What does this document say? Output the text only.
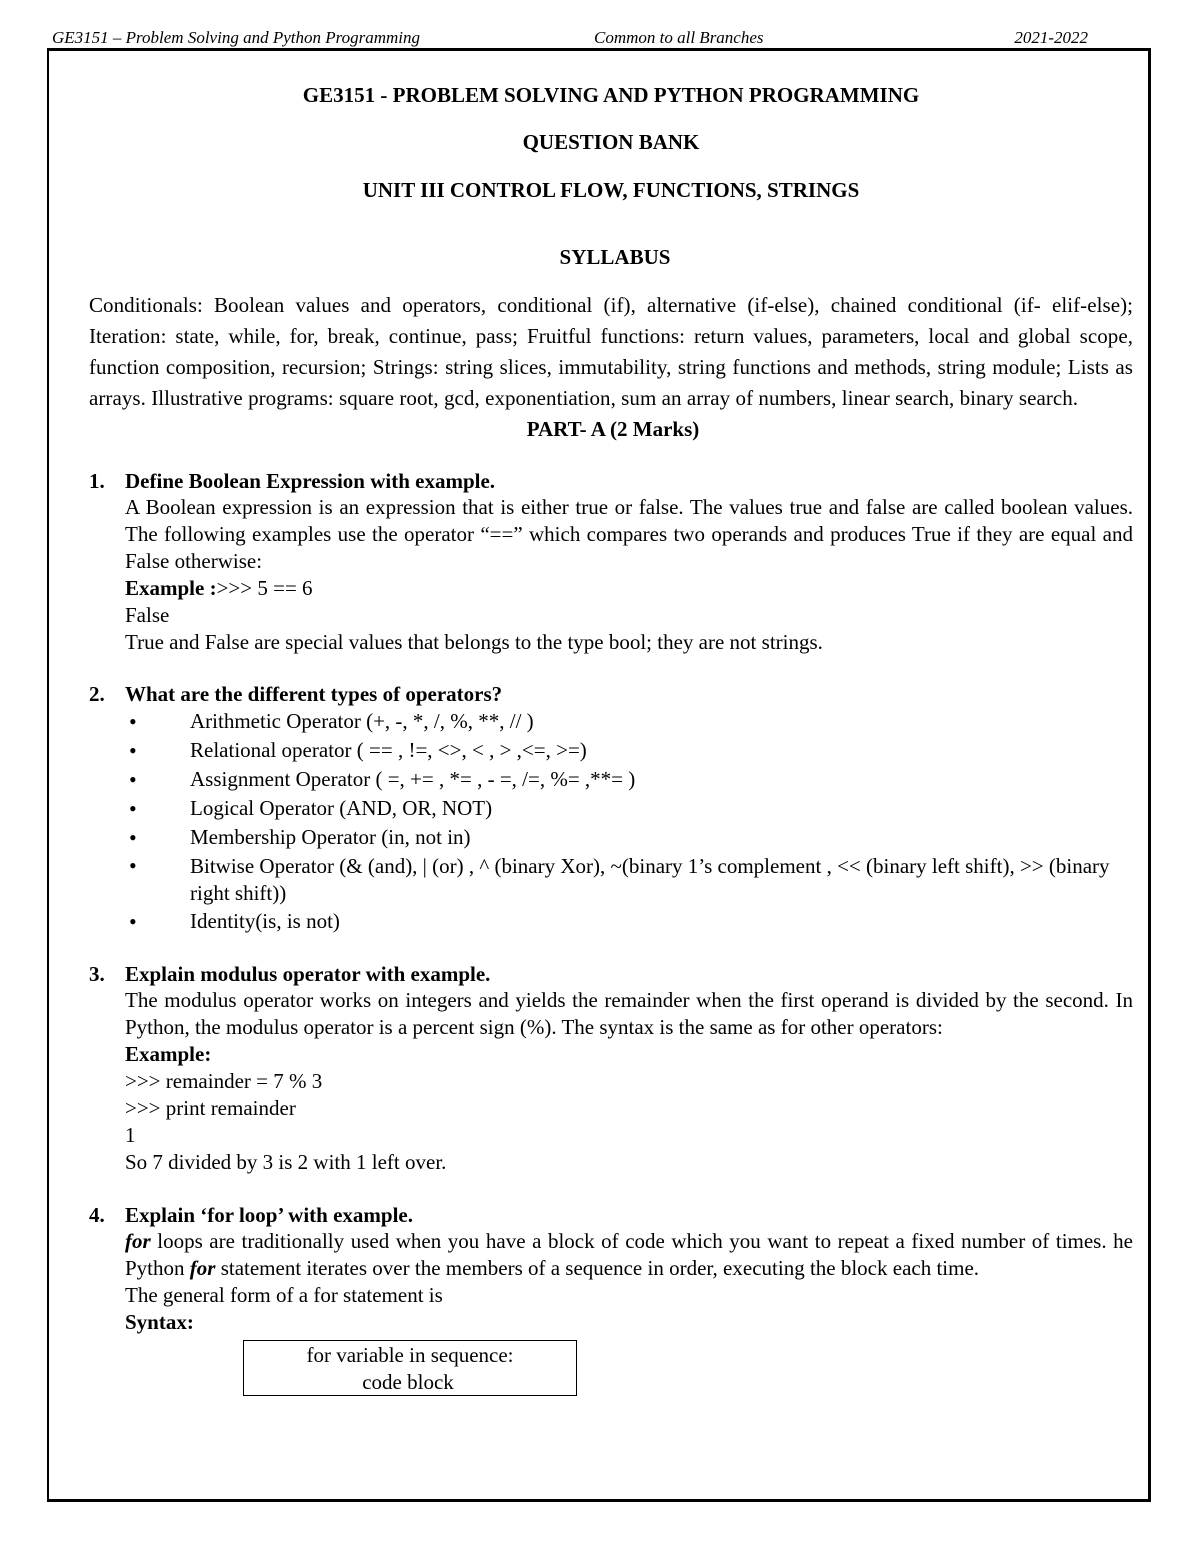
GE3151 – Problem Solving and Python Programming	Common to all Branches	2021-2022
GE3151 - PROBLEM SOLVING AND PYTHON PROGRAMMING
QUESTION BANK
UNIT III CONTROL FLOW, FUNCTIONS, STRINGS
SYLLABUS
Conditionals: Boolean values and operators, conditional (if), alternative (if-else), chained conditional (if- elif-else); Iteration: state, while, for, break, continue, pass; Fruitful functions: return values, parameters, local and global scope, function composition, recursion; Strings: string slices, immutability, string functions and methods, string module; Lists as arrays. Illustrative programs: square root, gcd, exponentiation, sum an array of numbers, linear search, binary search.
PART- A (2 Marks)
1. Define Boolean Expression with example.

A Boolean expression is an expression that is either true or false. The values true and false are called boolean values. The following examples use the operator “==” which compares two operands and produces True if they are equal and False otherwise:

Example :>>> 5 == 6

False

True and False are special values that belongs to the type bool; they are not strings.

2. What are the different types of operators?
• Arithmetic Operator (+, -, *, /, %, **, // )
• Relational operator ( == , !=, <>, < , > ,<=, >=)
• Assignment Operator ( =, += , *= , - =, /=, %= ,**= )
• Logical Operator (AND, OR, NOT)
• Membership Operator (in, not in)
• Bitwise Operator (& (and), | (or) , ^ (binary Xor), ~(binary 1’s complement , << (binary left shift), >> (binary right shift))
• Identity(is, is not)
3. Explain modulus operator with example.

The modulus operator works on integers and yields the remainder when the first operand is divided by the second. In Python, the modulus operator is a percent sign (%). The syntax is the same as for other operators:

Example:

>>> remainder = 7 % 3

>>> print remainder

1

So 7 divided by 3 is 2 with 1 left over.

4. Explain ‘for loop’ with example.

for loops are traditionally used when you have a block of code which you want to repeat a fixed number of times. he Python for statement iterates over the members of a sequence in order, executing the block each time.

The general form of a for statement is

Syntax:

for variable in sequence:
code block
